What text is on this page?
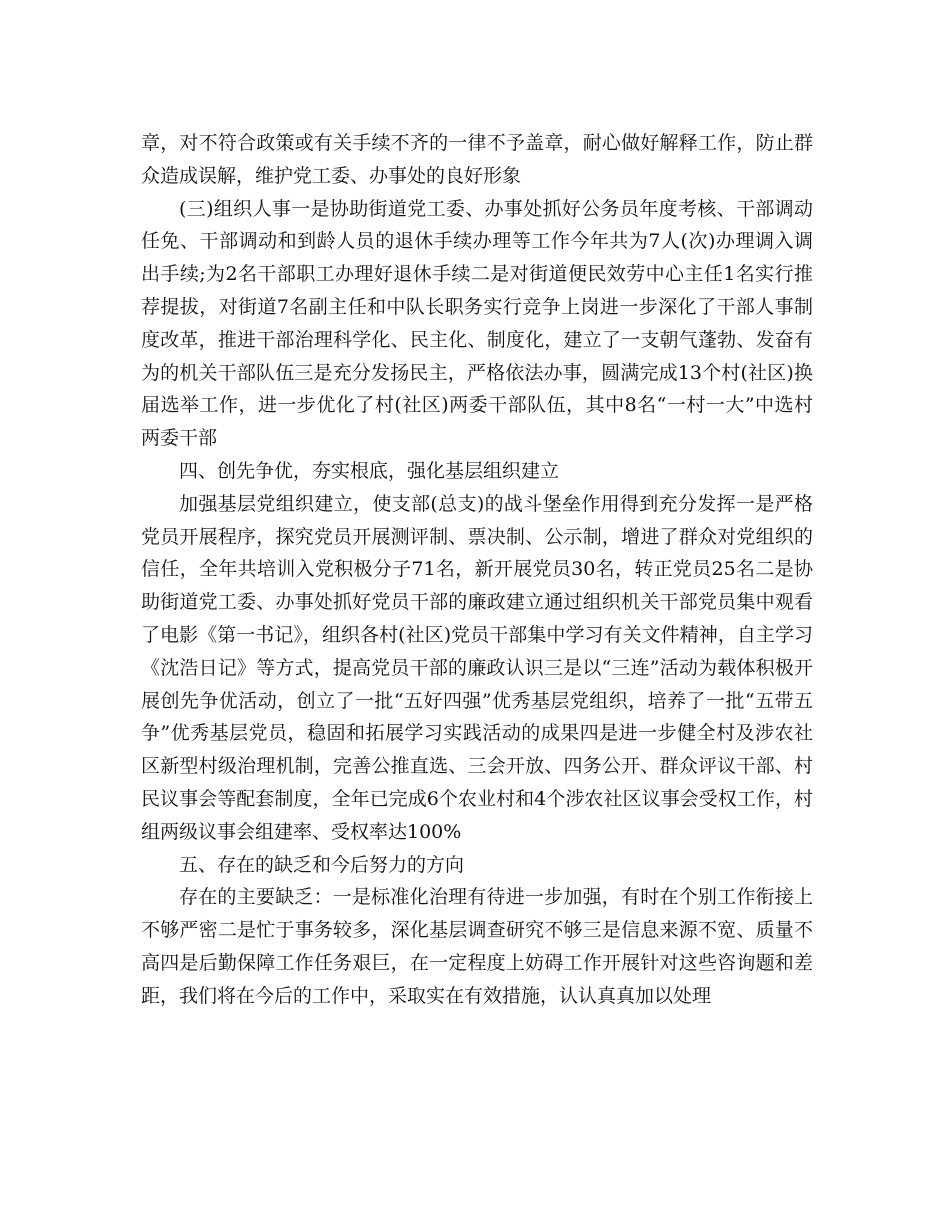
章，对不符合政策或有关手续不齐的一律不予盖章，耐心做好解释工作，防止群众造成误解，维护党工委、办事处的良好形象

(三)组织人事一是协助街道党工委、办事处抓好公务员年度考核、干部调动任免、干部调动和到龄人员的退休手续办理等工作今年共为7人(次)办理调入调出手续;为2名干部职工办理好退休手续二是对街道便民效劳中心主任1名实行推荐提拔，对街道7名副主任和中队长职务实行竞争上岗进一步深化了干部人事制度改革，推进干部治理科学化、民主化、制度化，建立了一支朝气蓬勃、发奋有为的机关干部队伍三是充分发扬民主，严格依法办事，圆满完成13个村(社区)换届选举工作，进一步优化了村(社区)两委干部队伍，其中8名“一村一大”中选村两委干部

四、创先争优，夯实根底，强化基层组织建立

加强基层党组织建立，使支部(总支)的战斗堡垒作用得到充分发挥一是严格党员开展程序，探究党员开展测评制、票决制、公示制，增进了群众对党组织的信任，全年共培训入党积极分子71名，新开展党员30名，转正党员25名二是协助街道党工委、办事处抓好党员干部的廉政建立通过组织机关干部党员集中观看了电影《第一书记》，组织各村(社区)党员干部集中学习有关文件精神，自主学习《沈浩日记》等方式，提高党员干部的廉政认识三是以“三连”活动为载体积极开展创先争优活动，创立了一批“五好四强”优秀基层党组织，培养了一批“五带五争”优秀基层党员，稳固和拓展学习实践活动的成果四是进一步健全村及涉农社区新型村级治理机制，完善公推直选、三会开放、四务公开、群众评议干部、村民议事会等配套制度，全年已完成6个农业村和4个涉农社区议事会受权工作，村组两级议事会组建率、受权率达100%

五、存在的缺乏和今后努力的方向

存在的主要缺乏：一是标准化治理有待进一步加强，有时在个别工作衔接上不够严密二是忙于事务较多，深化基层调查研究不够三是信息来源不宽、质量不高四是后勤保障工作任务艰巨，在一定程度上妨碍工作开展针对这些咨询题和差距，我们将在今后的工作中，采取实在有效措施，认认真真加以处理
